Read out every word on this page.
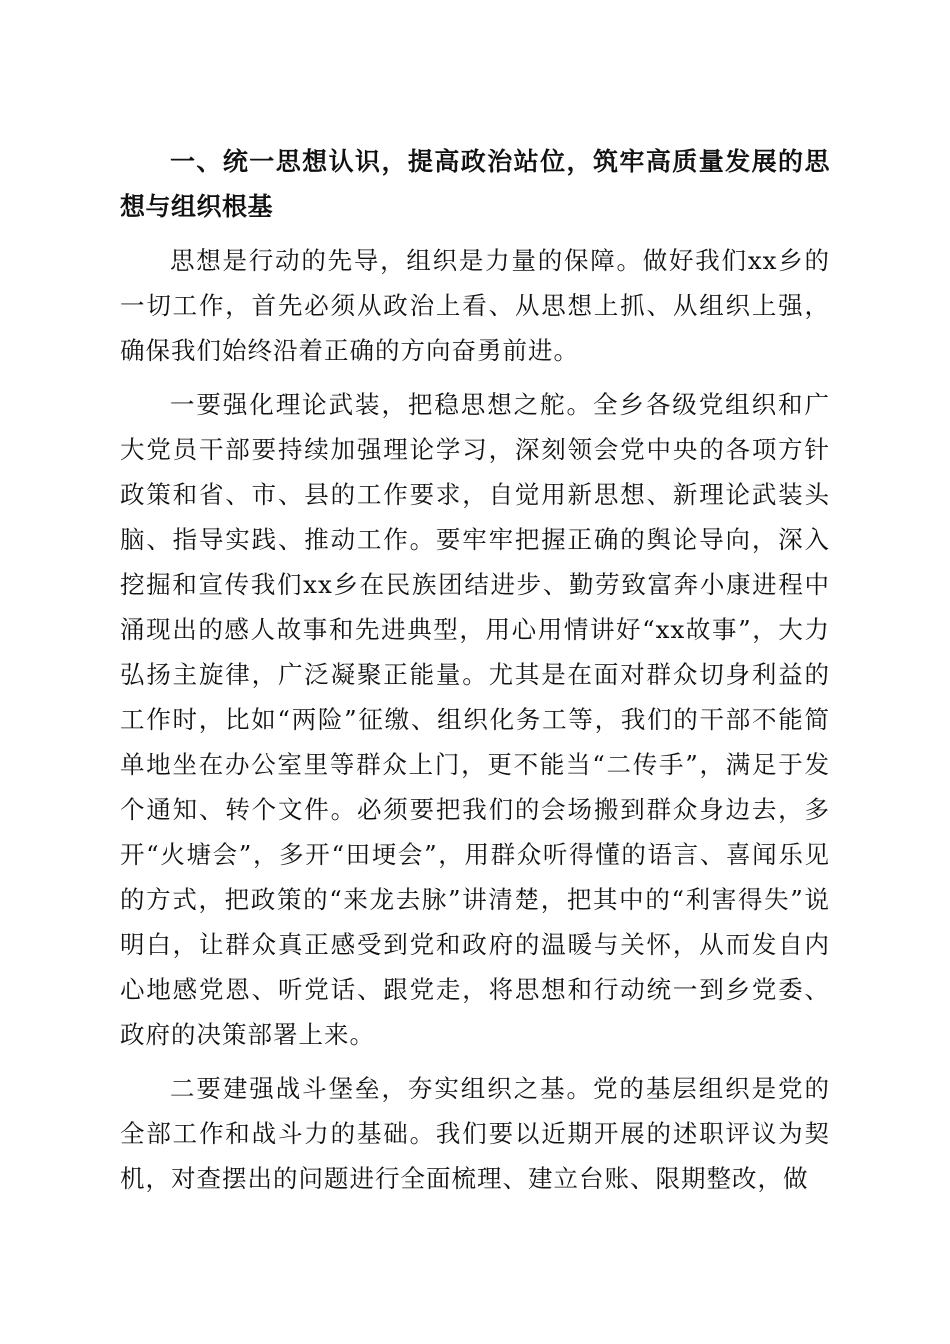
一、统一思想认识，提高政治站位，筑牢高质量发展的思想与组织根基

思想是行动的先导，组织是力量的保障。做好我们xx乡的一切工作，首先必须从政治上看、从思想上抓、从组织上强，确保我们始终沿着正确的方向奋勇前进。

一要强化理论武装，把稳思想之舵。全乡各级党组织和广大党员干部要持续加强理论学习，深刻领会党中央的各项方针政策和省、市、县的工作要求，自觉用新思想、新理论武装头脑、指导实践、推动工作。要牢牢把握正确的舆论导向，深入挖掘和宣传我们xx乡在民族团结进步、勤劳致富奔小康进程中涌现出的感人故事和先进典型，用心用情讲好“xx故事”，大力弘扬主旋律，广泛凝聚正能量。尤其是在面对群众切身利益的工作时，比如“两险”征缴、组织化务工等，我们的干部不能简单地坐在办公室里等群众上门，更不能当“二传手”，满足于发个通知、转个文件。必须要把我们的会场搬到群众身边去，多开“火塘会”，多开“田埂会”，用群众听得懂的语言、喜闻乐见的方式，把政策的“来龙去脉”讲清楚，把其中的“利害得失”说明白，让群众真正感受到党和政府的温暖与关怀，从而发自内心地感党恩、听党话、跟党走，将思想和行动统一到乡党委、政府的决策部署上来。

二要建强战斗堡垒，夯实组织之基。党的基层组织是党的全部工作和战斗力的基础。我们要以近期开展的述职评议为契机，对查摆出的问题进行全面梳理、建立台账、限期整改，做
